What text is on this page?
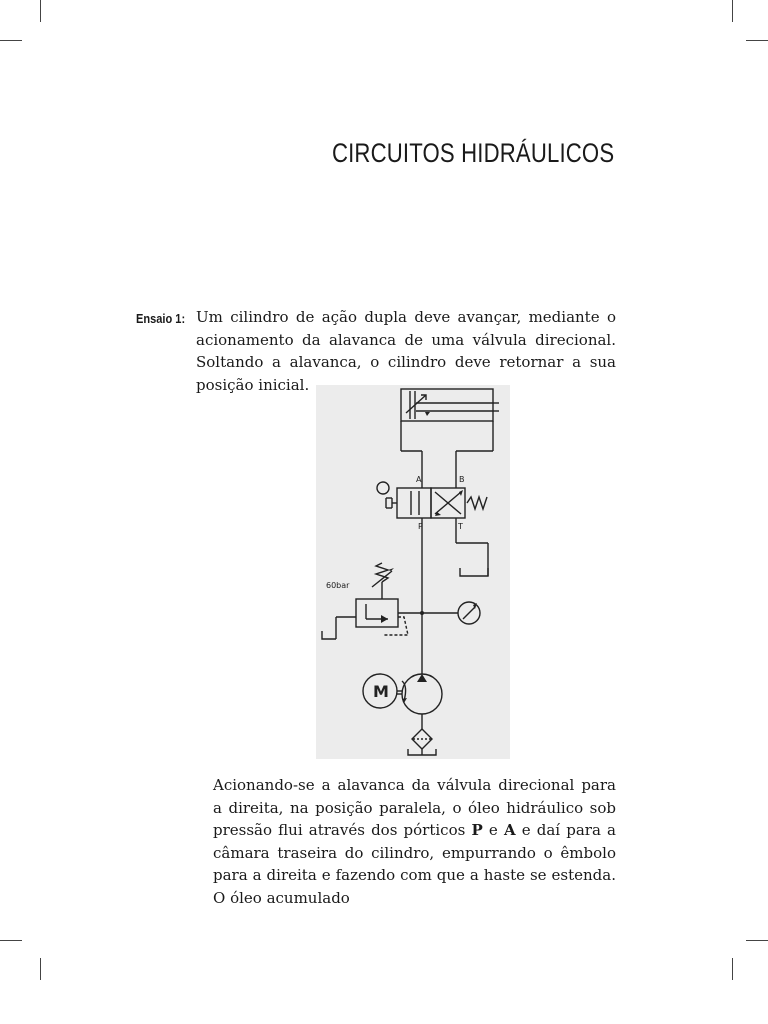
CIRCUITOS HIDRÁULICOS
Ensaio 1: Um cilindro de ação dupla deve avançar, mediante o acionamento da alavanca de uma válvula direcional. Soltando a alavanca, o cilindro deve retornar a sua posição inicial.

A	B
P	T
60bar
M

Acionando-se a alavanca da válvula direcional para a direita, na posição paralela, o óleo hidráulico sob pressão flui através dos pórticos P e A e daí para a câmara traseira do cilindro, empurrando o êmbolo para a direita e fazendo com que a haste se estenda. O óleo acumulado
